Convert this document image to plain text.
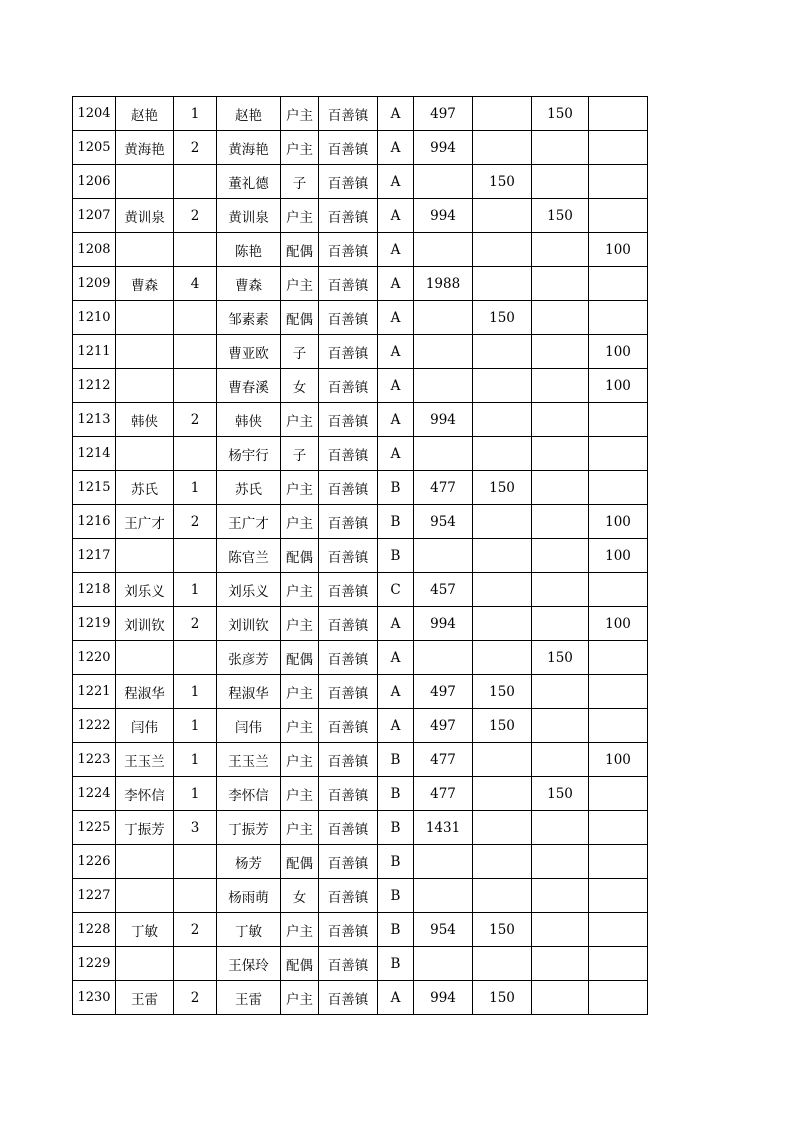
1204	赵艳	1	赵艳	户主	百善镇	A	497		150	
1205	黄海艳	2	黄海艳	户主	百善镇	A	994			
1206			董礼德	子	百善镇	A		150		
1207	黄训泉	2	黄训泉	户主	百善镇	A	994		150	
1208			陈艳	配偶	百善镇	A				100
1209	曹森	4	曹森	户主	百善镇	A	1988			
1210			邹素素	配偶	百善镇	A		150		
1211			曹亚欧	子	百善镇	A				100
1212			曹春溪	女	百善镇	A				100
1213	韩侠	2	韩侠	户主	百善镇	A	994			
1214			杨宇行	子	百善镇	A				
1215	苏氏	1	苏氏	户主	百善镇	B	477	150		
1216	王广才	2	王广才	户主	百善镇	B	954			100
1217			陈官兰	配偶	百善镇	B				100
1218	刘乐义	1	刘乐义	户主	百善镇	C	457			
1219	刘训钦	2	刘训钦	户主	百善镇	A	994			100
1220			张彦芳	配偶	百善镇	A			150	
1221	程淑华	1	程淑华	户主	百善镇	A	497	150		
1222	闫伟	1	闫伟	户主	百善镇	A	497	150		
1223	王玉兰	1	王玉兰	户主	百善镇	B	477			100
1224	李怀信	1	李怀信	户主	百善镇	B	477		150	
1225	丁振芳	3	丁振芳	户主	百善镇	B	1431			
1226			杨芳	配偶	百善镇	B				
1227			杨雨萌	女	百善镇	B				
1228	丁敏	2	丁敏	户主	百善镇	B	954	150		
1229			王保玲	配偶	百善镇	B				
1230	王雷	2	王雷	户主	百善镇	A	994	150		
